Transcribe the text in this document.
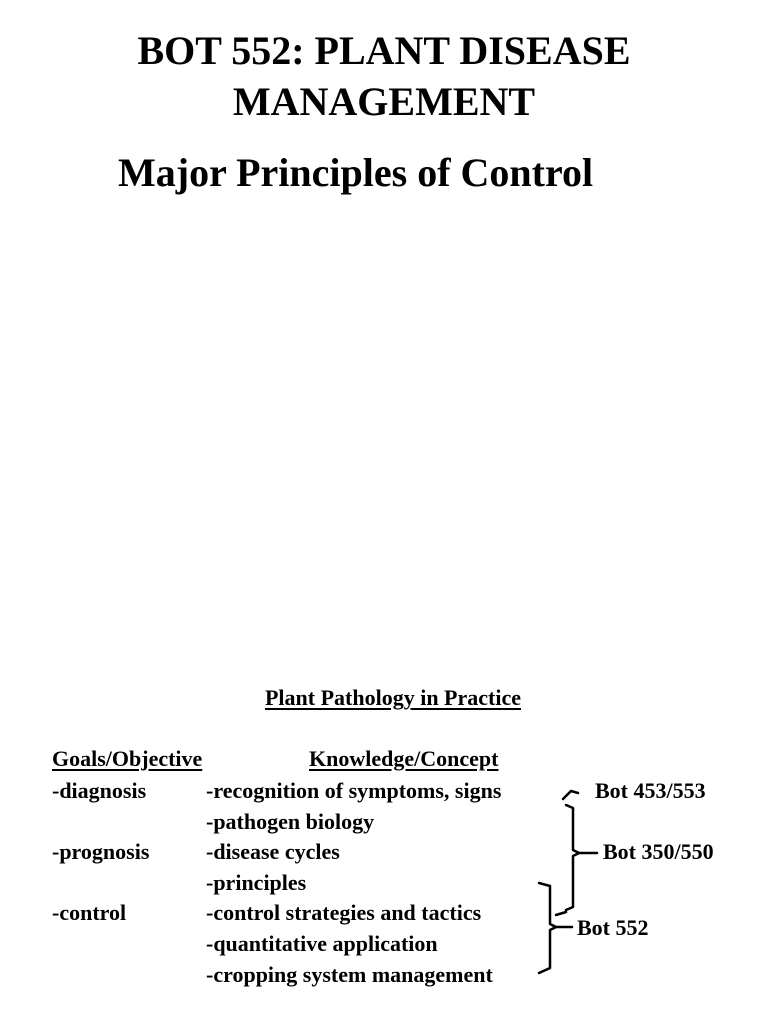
BOT 552: PLANT DISEASE
MANAGEMENT
Major Principles of Control
Plant Pathology in Practice
Goals/Objective	Knowledge/Concept
-diagnosis
-prognosis
-control
-recognition of symptoms, signs
-pathogen biology
-disease cycles
-principles
-control strategies and tactics
-quantitative application
-cropping system management
Bot 453/553
Bot 350/550
Bot 552
